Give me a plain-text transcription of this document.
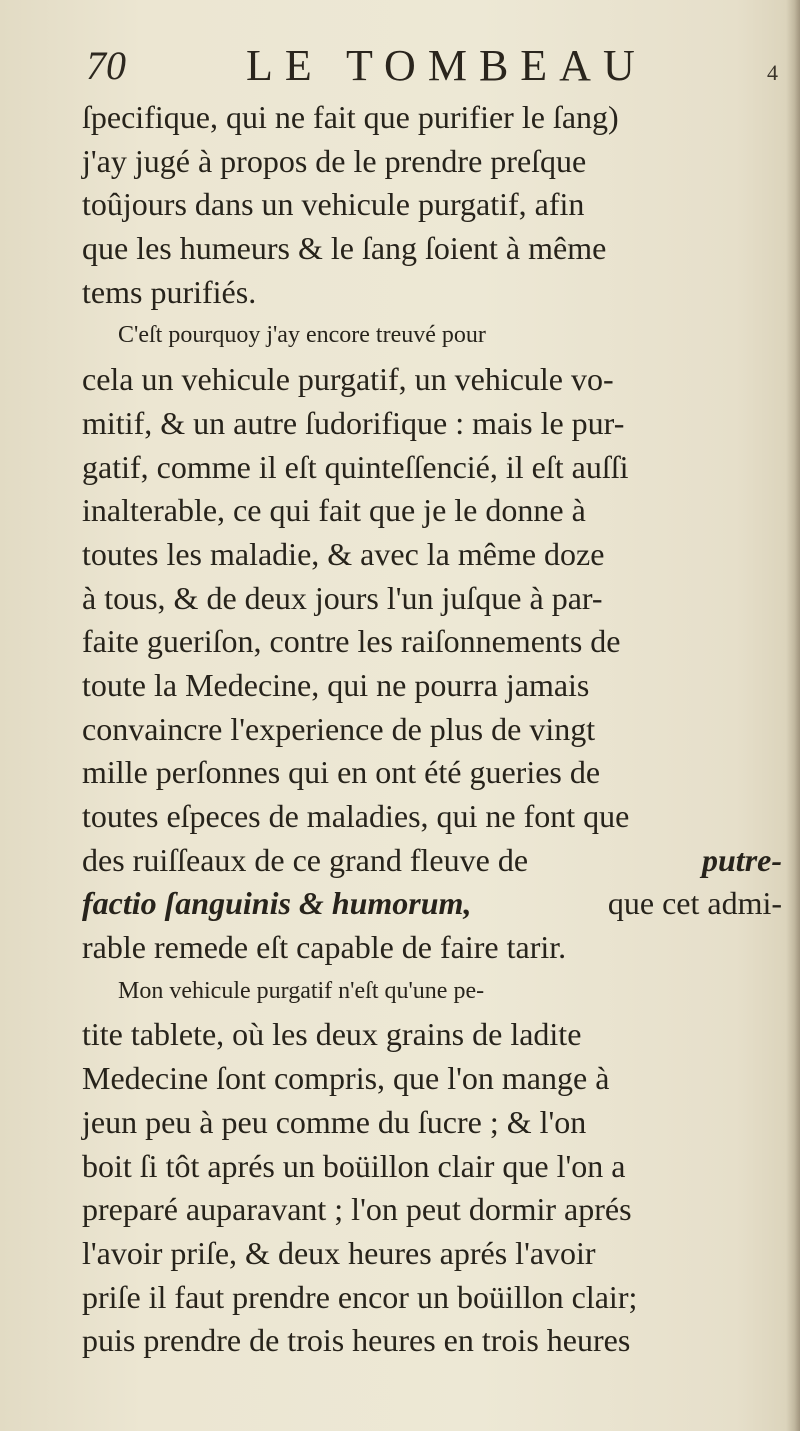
70	LE TOMBEAU	4
ſpecifique, qui ne fait que purifier le ſang)
j'ay jugé à propos de le prendre preſque
toûjours dans un vehicule purgatif, afin
que les humeurs & le ſang ſoient à même
tems purifiés.
C'eſt pourquoy j'ay encore treuvé pour
cela un vehicule purgatif, un vehicule vo-
mitif, & un autre ſudorifique : mais le pur-
gatif, comme il eſt quinteſſencié, il eſt auſſi
inalterable, ce qui fait que je le donne à
toutes les maladie, & avec la même doze
à tous, & de deux jours l'un juſque à par-
faite gueriſon, contre les raiſonnements de
toute la Medecine, qui ne pourra jamais
convaincre l'experience de plus de vingt
mille perſonnes qui en ont été gueries de
toutes eſpeces de maladies, qui ne font que
des ruiſſeaux de ce grand fleuve de	putre-
factio ſanguinis & humorum,	que cet admi-
rable remede eſt capable de faire tarir.
Mon vehicule purgatif n'eſt qu'une pe-
tite tablete, où les deux grains de ladite
Medecine ſont compris, que l'on mange à
jeun peu à peu comme du ſucre ; & l'on
boit ſi tôt aprés un boüillon clair que l'on a
preparé auparavant ; l'on peut dormir aprés
l'avoir priſe, & deux heures aprés l'avoir
priſe il faut prendre encor un boüillon clair;
puis prendre de trois heures en trois heures
